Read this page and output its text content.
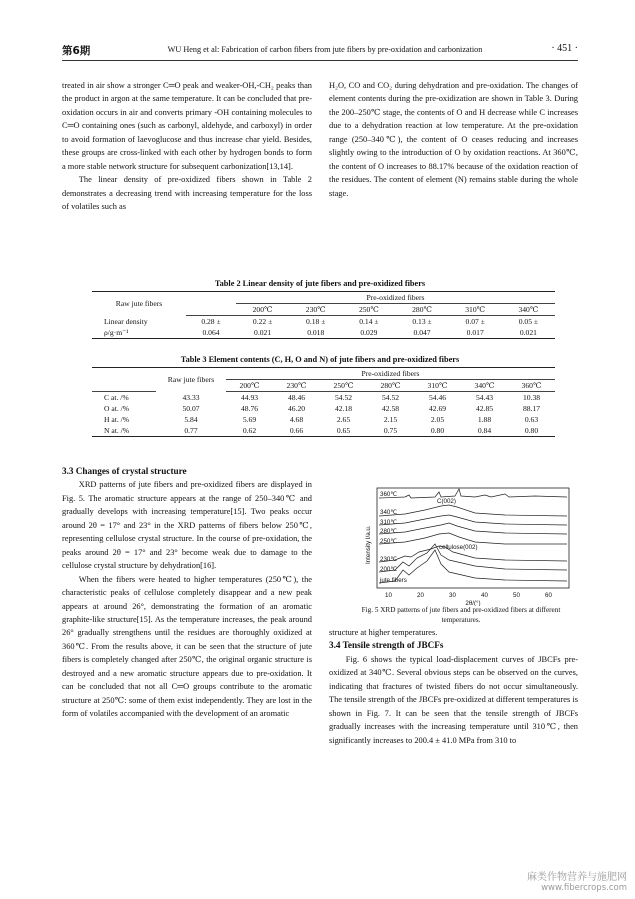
第6期	WU Heng et al: Fabrication of carbon fibers from jute fibers by pre-oxidation and carbonization	· 451 ·

treated in air show a stronger C═O peak and weaker-OH,-CH₂ peaks than the product in argon at the same temperature. It can be concluded that pre-oxidation occurs in air and converts primary -OH containing molecules to C═O containing ones (such as carbonyl, aldehyde, and carboxyl) in order to avoid formation of laevoglucose and thus increase char yield. Besides, these groups are cross-linked with each other by hydrogen bonds to form a more stable network structure for subsequent carbonization[13,14].

The linear density of pre-oxidized fibers shown in Table 2 demonstrates a decreasing trend with increasing temperature for the loss of volatiles such as

H₂O, CO and CO₂ during dehydration and pre-oxidation. The changes of element contents during the pre-oxidization are shown in Table 3. During the 200–250℃ stage, the contents of O and H decrease while C increases due to a dehydration reaction at low temperature. At the pre-oxidation range (250–340℃), the content of O ceases reducing and increases slightly owing to the introduction of O by oxidation reactions. At 360℃, the content of O increases to 88.17% because of the oxidation reaction of the residues. The content of element (N) remains stable during the whole stage.

Table 2 Linear density of jute fibers and pre-oxidized fibers
Raw jute fibers		Pre-oxidized fibers					
		200℃	230℃	250℃	280℃	310℃	340℃
Linear density	0.28 ±	0.22 ±	0.18 ±	0.14 ±	0.13 ±	0.07 ±	0.05 ±
ρ/g·m⁻¹	0.064	0.021	0.018	0.029	0.047	0.017	0.021
Table 3 Element contents (C, H, O and N) of jute fibers and pre-oxidized fibers
	Raw jute fibers	Pre-oxidized fibers						
		200℃	230℃	250℃	280℃	310℃	340℃	360℃
C at. /%	43.33	44.93	48.46	54.52	54.52	54.46	54.43	10.38
O at. /%	50.07	48.76	46.20	42.18	42.58	42.69	42.85	88.17
H at. /%	5.84	5.69	4.68	2.65	2.15	2.05	1.88	0.63
N at. /%	0.77	0.62	0.66	0.65	0.75	0.80	0.84	0.80

3.3 Changes of crystal structure

XRD patterns of jute fibers and pre-oxidized fibers are displayed in Fig. 5. The aromatic structure appears at the range of 250–340℃ and gradually develops with increasing temperature[15]. Two peaks occur around 2θ = 17° and 23° in the XRD patterns of fibers below 250℃, representing cellulose crystal structure. In the course of pre-oxidation, the peaks around 2θ = 17° and 23° become weak due to damage to the cellulose crystal structure by dehydration[16].

When the fibers were heated to higher temperatures (250℃), the characteristic peaks of cellulose completely disappear and a new peak appears at around 26°, demonstrating the formation of an aromatic graphite-like structure[15]. As the temperature increases, the peak around 26° gradually strengthens until the residues are thoroughly oxidized at 360℃. From the results above, it can be seen that the structure of jute fibers is completely changed after 250℃, the original organic structure is destroyed and a new aromatic structure appears due to pre-oxidation. It can be concluded that not all C═O groups contribute to the aromatic structure at 250℃: some of them exist independently. They are lost in the form of volatiles accompanied with the development of an aromatic

360℃
340℃
310℃
280℃
250℃
230℃
200℃
jute fibers
C(002)
cellulose(002)
10	20	30	40	50	60
2θ/(°)
Intensity I/a.u.
Fig. 5 XRD patterns of jute fibers and pre-oxidized fibers at different temperatures.

structure at higher temperatures.

3.4 Tensile strength of JBCFs

Fig. 6 shows the typical load-displacement curves of JBCFs pre-oxidized at 340℃. Several obvious steps can be observed on the curves, indicating that fractures of twisted fibers do not occur simultaneously. The tensile strength of the JBCFs pre-oxidized at different temperatures is shown in Fig. 7. It can be seen that the tensile strength of JBCFs gradually increases with the increasing temperature until 310℃, then significantly increases to 200.4 ± 41.0 MPa from 310 to

麻类作物营养与施肥网
www.fibercrops.com
